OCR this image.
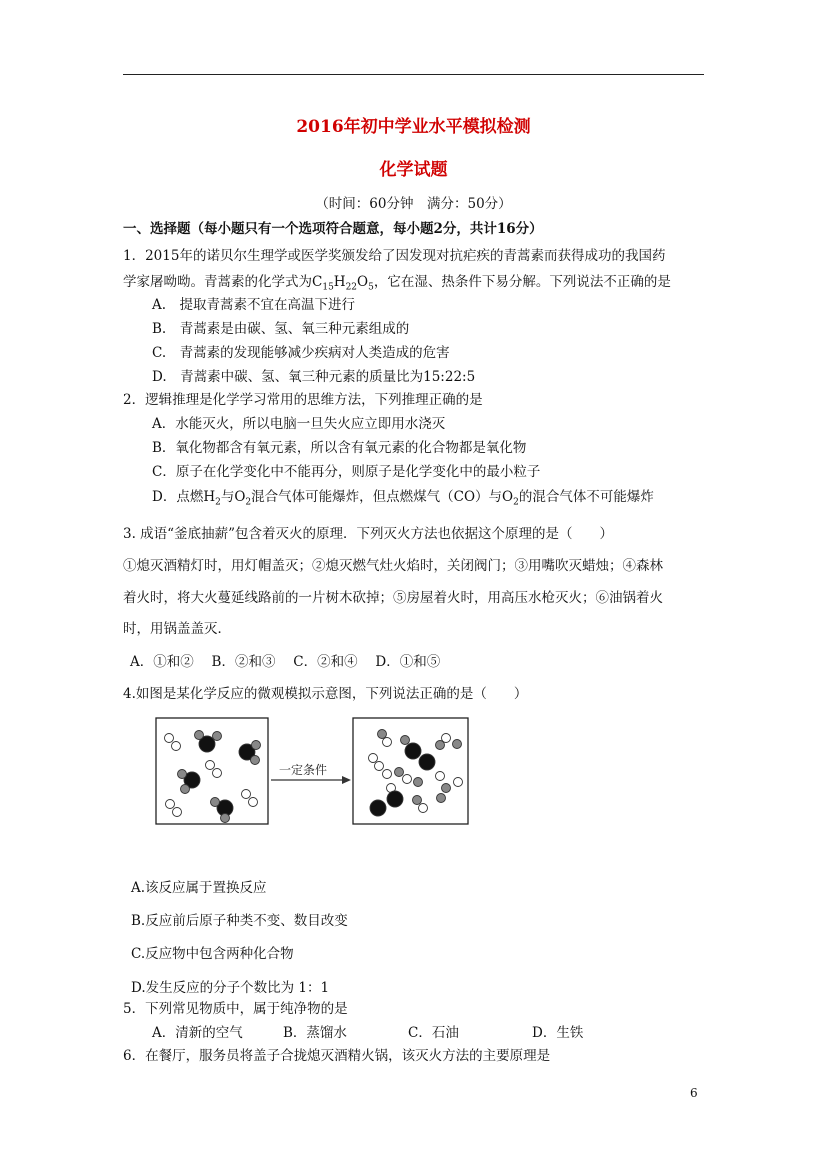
2016年初中学业水平模拟检测
化学试题
（时间：60分钟　满分：50分）
一、选择题（每小题只有一个选项符合题意，每小题2分，共计16分）
1．2015年的诺贝尔生理学或医学奖颁发给了因发现对抗疟疾的青蒿素而获得成功的我国药
学家屠呦呦。青蒿素的化学式为$C_{15}H_{22}O_5$，它在湿、热条件下易分解。下列说法不正确的是
A.　提取青蒿素不宜在高温下进行
B.　青蒿素是由碳、氢、氧三种元素组成的
C.　青蒿素的发现能够减少疾病对人类造成的危害
D.　青蒿素中碳、氢、氧三种元素的质量比为15:22:5
2．逻辑推理是化学学习常用的思维方法，下列推理正确的是
A．水能灭火，所以电脑一旦失火应立即用水浇灭
B．氧化物都含有氧元素，所以含有氧元素的化合物都是氧化物
C．原子在化学变化中不能再分，则原子是化学变化中的最小粒子
D．点燃$H_2$与$O_2$混合气体可能爆炸，但点燃煤气（CO）与$O_2$的混合气体不可能爆炸
3. 成语“釜底抽薪”包含着灭火的原理．下列灭火方法也依据这个原理的是（　　）
①熄灭酒精灯时，用灯帽盖灭；②熄灭燃气灶火焰时，关闭阀门；③用嘴吹灭蜡烛；④森林
着火时，将大火蔓延线路前的一片树木砍掉；⑤房屋着火时，用高压水枪灭火；⑥油锅着火
时，用锅盖盖灭．
A．①和②　 B．②和③　 C．②和④　 D．①和⑤
4.如图是某化学反应的微观模拟示意图，下列说法正确的是（　　）
一定条件
A.该反应属于置换反应
B.反应前后原子种类不变、数目改变
C.反应物中包含两种化合物
D.发生反应的分子个数比为 1：1
5．下列常见物质中，属于纯净物的是
A．清新的空气	B．蒸馏水	C．石油	D．生铁
6．在餐厅，服务员将盖子合拢熄灭酒精火锅，该灭火方法的主要原理是
6
